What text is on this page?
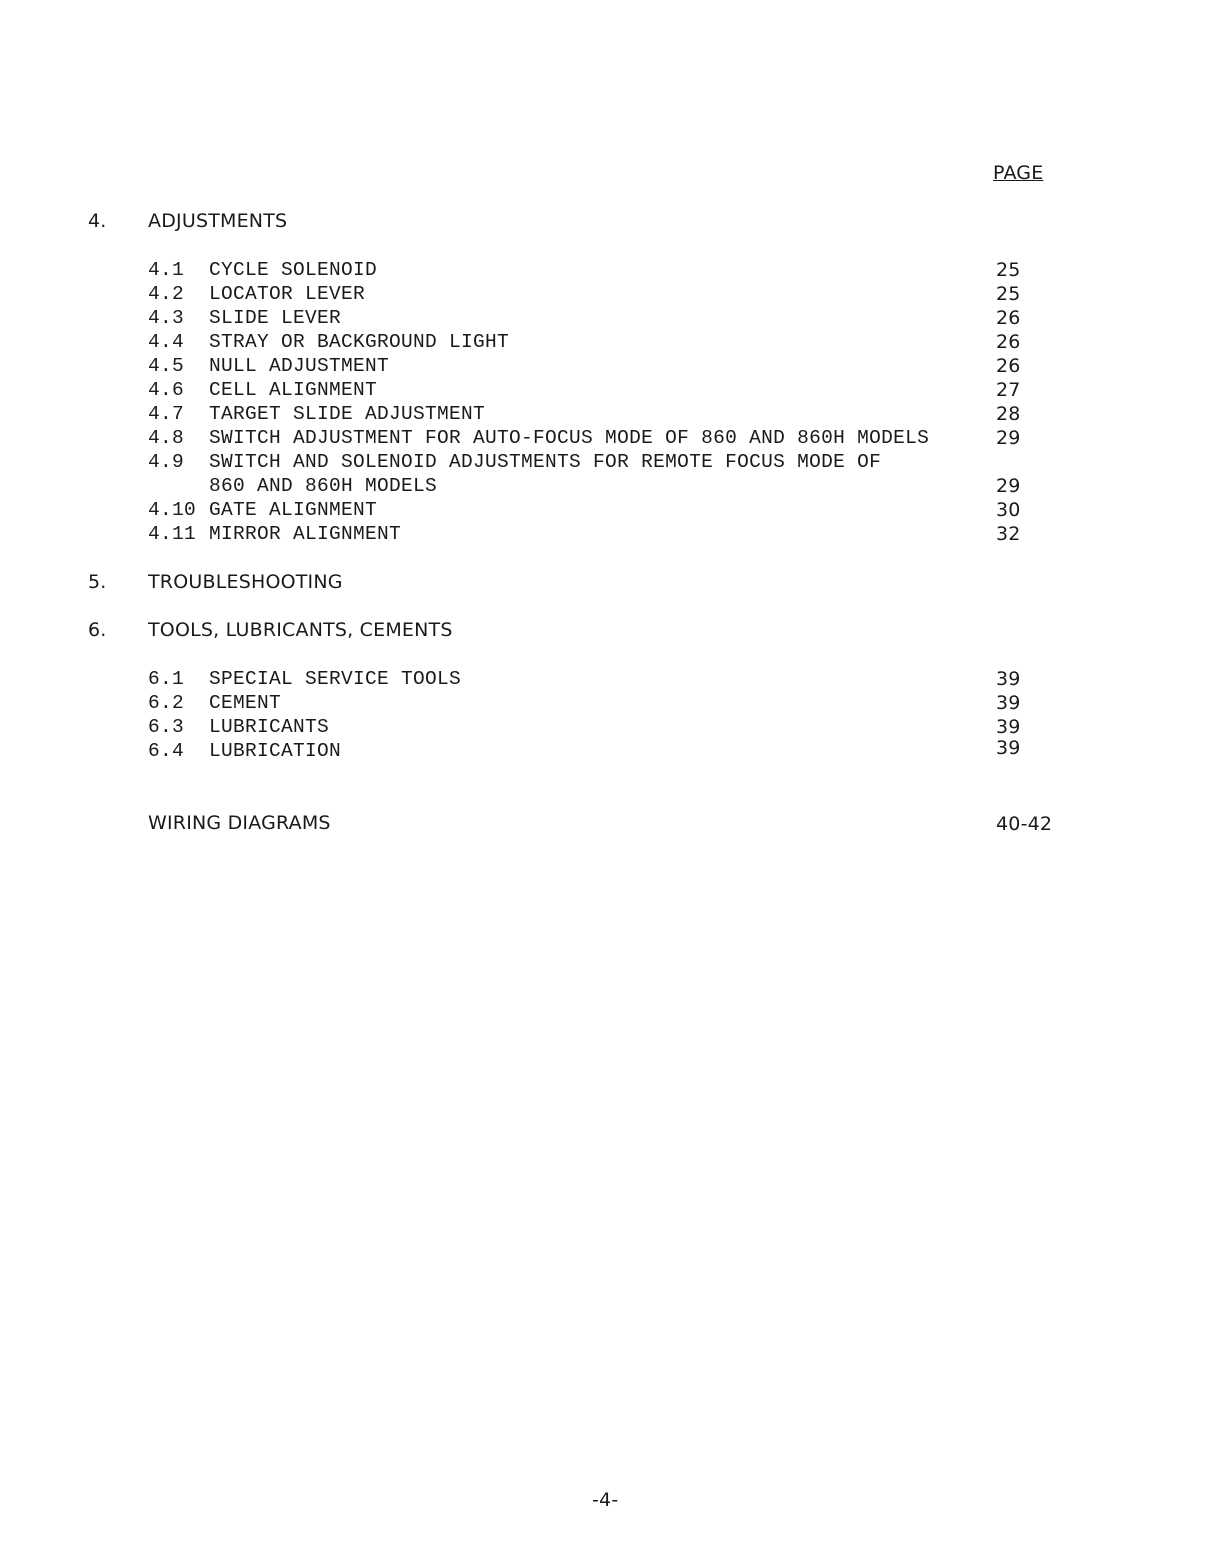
PAGE
4. ADJUSTMENTS
4.1 CYCLE SOLENOID	25
4.2 LOCATOR LEVER	25
4.3 SLIDE LEVER	26
4.4 STRAY OR BACKGROUND LIGHT	26
4.5 NULL ADJUSTMENT	26
4.6 CELL ALIGNMENT	27
4.7 TARGET SLIDE ADJUSTMENT	28
4.8 SWITCH ADJUSTMENT FOR AUTO-FOCUS MODE OF 860 AND 860H MODELS	29
4.9 SWITCH AND SOLENOID ADJUSTMENTS FOR REMOTE FOCUS MODE OF
860 AND 860H MODELS	29
4.10 GATE ALIGNMENT	30
4.11 MIRROR ALIGNMENT	32
5. TROUBLESHOOTING
6. TOOLS, LUBRICANTS, CEMENTS
6.1 SPECIAL SERVICE TOOLS	39
6.2 CEMENT	39
6.3 LUBRICANTS	39
6.4 LUBRICATION	39
WIRING DIAGRAMS	40-42
-4-
